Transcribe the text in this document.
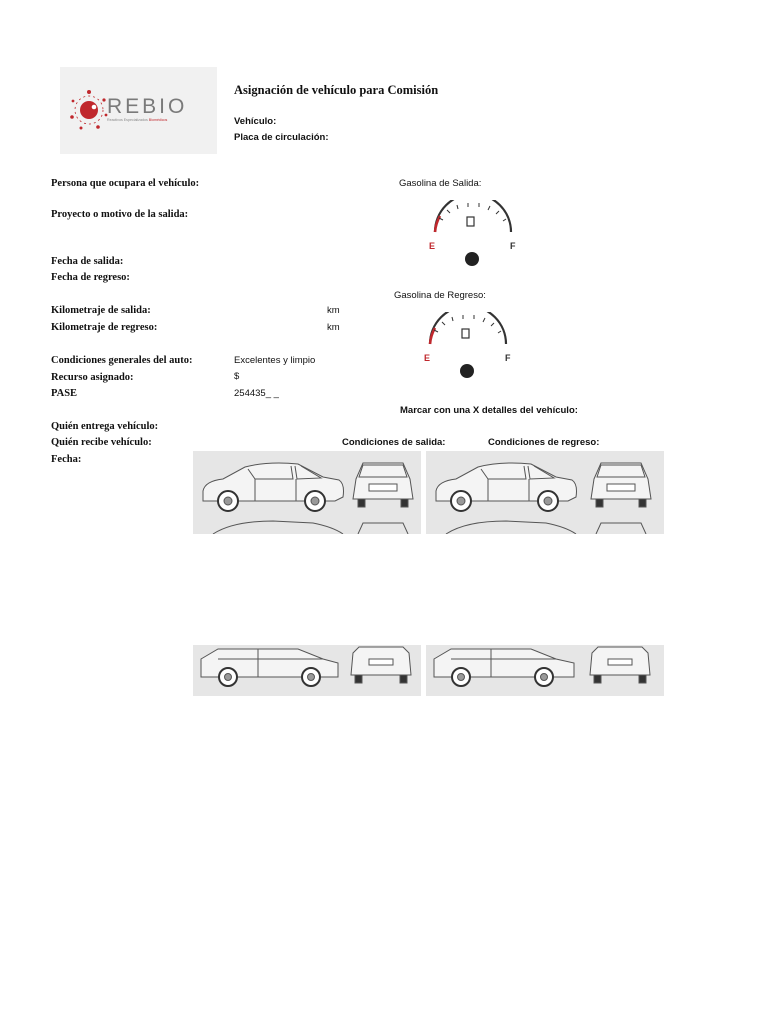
REBIO
Reactivos Especializados Biomédicos
Asignación de vehículo para Comisión
Vehículo:
Placa de circulación:
Persona que ocupara el vehículo:
Proyecto o motivo de la salida:
Fecha de salida:
Fecha de regreso:
Kilometraje de salida:
Kilometraje de regreso:
km
km
Condiciones generales del auto:	Excelentes y limpio
Recurso asignado:	$
PASE	254435_ _
Quién entrega vehículo:
Quién recibe vehículo:
Fecha:
Gasolina de Salida:
E	F
Gasolina de Regreso:
E	F
Marcar con una X detalles del vehículo:
Condiciones de salida:	Condiciones de regreso:
